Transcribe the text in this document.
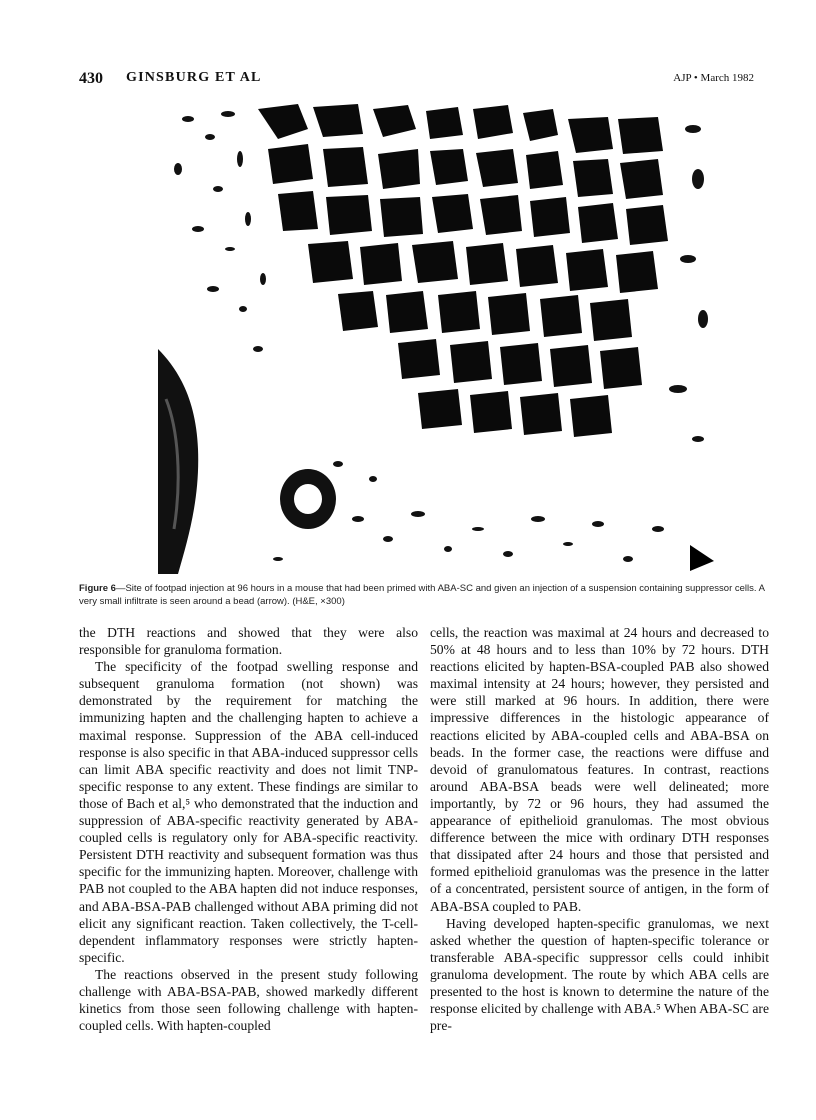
430 GINSBURG ET AL	AJP • March 1982
Figure 6—Site of footpad injection at 96 hours in a mouse that had been primed with ABA-SC and given an injection of a suspension containing suppressor cells. A very small infiltrate is seen around a bead (arrow). (H&E, ×300)

the DTH reactions and showed that they were also responsible for granuloma formation.

The specificity of the footpad swelling response and subsequent granuloma formation (not shown) was demonstrated by the requirement for matching the immunizing hapten and the challenging hapten to achieve a maximal response. Suppression of the ABA cell-induced response is also specific in that ABA-induced suppressor cells can limit ABA specific reactivity and does not limit TNP-specific response to any extent. These findings are similar to those of Bach et al,⁵ who demonstrated that the induction and suppression of ABA-specific reactivity generated by ABA-coupled cells is regulatory only for ABA-specific reactivity. Persistent DTH reactivity and subsequent formation was thus specific for the immunizing hapten. Moreover, challenge with PAB not coupled to the ABA hapten did not induce responses, and ABA-BSA-PAB challenged without ABA priming did not elicit any significant reaction. Taken collectively, the T-cell-dependent inflammatory responses were strictly hapten-specific.

The reactions observed in the present study following challenge with ABA-BSA-PAB, showed markedly different kinetics from those seen following challenge with hapten-coupled cells. With hapten-coupled

cells, the reaction was maximal at 24 hours and decreased to 50% at 48 hours and to less than 10% by 72 hours. DTH reactions elicited by hapten-BSA-coupled PAB also showed maximal intensity at 24 hours; however, they persisted and were still marked at 96 hours. In addition, there were impressive differences in the histologic appearance of reactions elicited by ABA-coupled cells and ABA-BSA on beads. In the former case, the reactions were diffuse and devoid of granulomatous features. In contrast, reactions around ABA-BSA beads were well delineated; more importantly, by 72 or 96 hours, they had assumed the appearance of epithelioid granulomas. The most obvious difference between the mice with ordinary DTH responses that dissipated after 24 hours and those that persisted and formed epithelioid granulomas was the presence in the latter of a concentrated, persistent source of antigen, in the form of ABA-BSA coupled to PAB.

Having developed hapten-specific granulomas, we next asked whether the question of hapten-specific tolerance or transferable ABA-specific suppressor cells could inhibit granuloma development. The route by which ABA cells are presented to the host is known to determine the nature of the response elicited by challenge with ABA.⁵ When ABA-SC are pre-
